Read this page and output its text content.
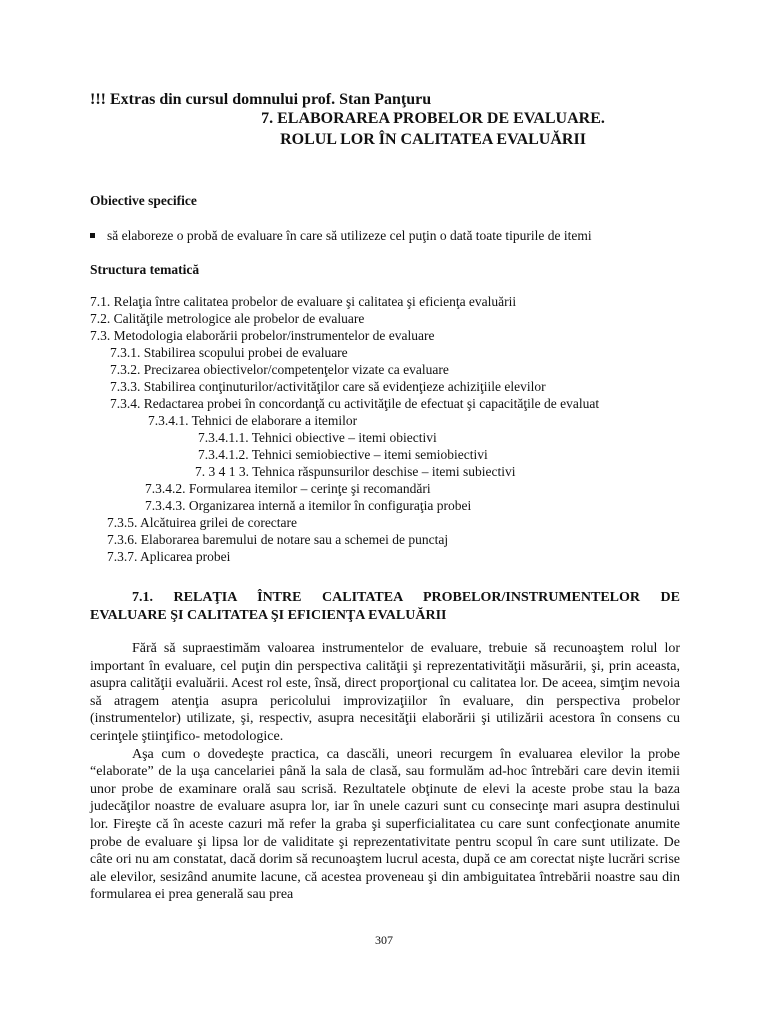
!!! Extras din cursul domnului prof. Stan Panţuru
7. ELABORAREA PROBELOR DE EVALUARE.
ROLUL LOR ÎN CALITATEA EVALUĂRII
Obiective specifice
să elaboreze o probă de evaluare în care să utilizeze cel puţin o dată toate tipurile de itemi
Structura tematică
7.1. Relaţia între calitatea probelor de evaluare şi calitatea şi eficienţa evaluării
7.2. Calităţile metrologice ale probelor de evaluare
7.3. Metodologia elaborării probelor/instrumentelor de evaluare
7.3.1. Stabilirea scopului probei de evaluare
7.3.2. Precizarea obiectivelor/competenţelor vizate ca evaluare
7.3.3. Stabilirea conţinuturilor/activităţilor care să evidenţieze achiziţiile elevilor
7.3.4. Redactarea probei în concordanţă cu activităţile de efectuat şi capacităţile de evaluat
7.3.4.1. Tehnici de elaborare a itemilor
7.3.4.1.1. Tehnici obiective – itemi obiectivi
7.3.4.1.2. Tehnici semiobiective – itemi semiobiectivi
7. 3 4 1 3. Tehnica răspunsurilor deschise – itemi subiectivi
7.3.4.2. Formularea itemilor – cerinţe şi recomandări
7.3.4.3. Organizarea internă a itemilor în configuraţia probei
7.3.5. Alcătuirea grilei de corectare
7.3.6. Elaborarea baremului de notare sau a schemei de punctaj
7.3.7. Aplicarea probei
7.1. RELAŢIA ÎNTRE CALITATEA PROBELOR/INSTRUMENTELOR DE
EVALUARE ŞI CALITATEA ŞI EFICIENŢA EVALUĂRII

Fără să supraestimăm valoarea instrumentelor de evaluare, trebuie să recunoaştem rolul lor important în evaluare, cel puţin din perspectiva calităţii şi reprezentativităţii măsurării, şi, prin aceasta, asupra calităţii evaluării. Acest rol este, însă, direct proporţional cu calitatea lor. De aceea, simţim nevoia să atragem atenţia asupra pericolului improvizaţiilor în evaluare, din perspectiva probelor (instrumentelor) utilizate, şi, respectiv, asupra necesităţii elaborării şi utilizării acestora în consens cu cerinţele ştiinţifico- metodologice.

Aşa cum o dovedeşte practica, ca dascăli, uneori recurgem în evaluarea elevilor la probe “elaborate” de la uşa cancelariei până la sala de clasă, sau formulăm ad-hoc întrebări care devin itemii unor probe de examinare orală sau scrisă. Rezultatele obţinute de elevi la aceste probe stau la baza judecăţilor noastre de evaluare asupra lor, iar în unele cazuri sunt cu consecinţe mari asupra destinului lor. Fireşte că în aceste cazuri mă refer la graba şi superficialitatea cu care sunt confecţionate anumite probe de evaluare şi lipsa lor de validitate şi reprezentativitate pentru scopul în care sunt utilizate. De câte ori nu am constatat, dacă dorim să recunoaştem lucrul acesta, după ce am corectat nişte lucrări scrise ale elevilor, sesizând anumite lacune, că acestea proveneau şi din ambiguitatea întrebării noastre sau din formularea ei prea generală sau prea

307
